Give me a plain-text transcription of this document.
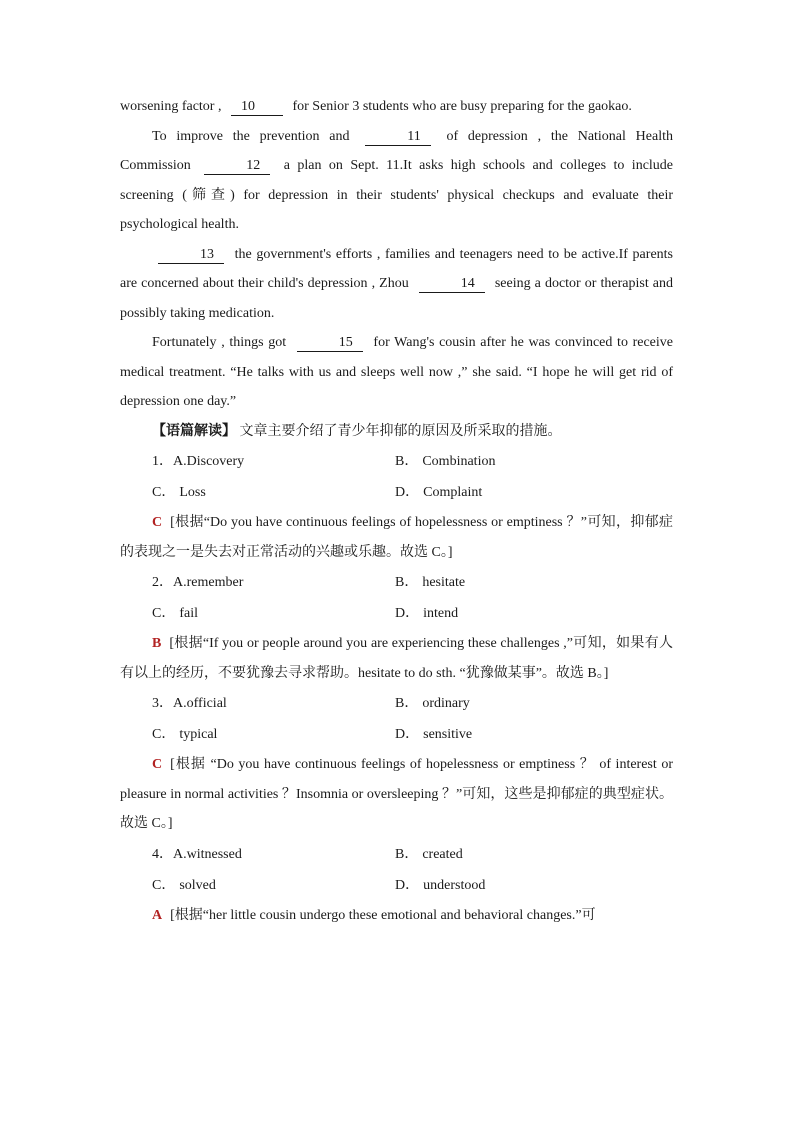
worsening factor , 10 for Senior 3 students who are busy preparing for the gaokao.

To improve the prevention and	11 of depression , the National Health Commission	12 a plan on Sept. 11.It asks high schools and colleges to include screening (筛查) for depression in their students' physical checkups and evaluate their psychological health.

13 the government's efforts , families and teenagers need to be active.If parents are concerned about their child's depression , Zhou	14 seeing a doctor or therapist and possibly taking medication.

Fortunately , things got	15 for Wang's cousin after he was convinced to receive medical treatment. “He talks with us and sleeps well now ,” she said. “I hope he will get rid of depression one day.”

【语篇解读】 文章主要介绍了青少年抑郁的原因及所采取的措施。

1．A.Discovery	B． Combination
C． Loss	D． Complaint

C [根据“Do you have continuous feelings of hopelessness or emptiness ？”可知，抑郁症的表现之一是失去对正常活动的兴趣或乐趣。故选 C。]

2．A.remember	B． hesitate
C． fail	D． intend

B [根据“If you or people around you are experiencing these challenges ,”可知，如果有人有以上的经历，不要犹豫去寻求帮助。hesitate to do sth. “犹豫做某事”。故选 B。]

3．A.official	B． ordinary
C． typical	D． sensitive

C [根据 “Do you have continuous feelings of hopelessness or emptiness ？ of interest or pleasure in normal activities ？Insomnia or oversleeping ？”可知，这些是抑郁症的典型症状。故选 C。]

4．A.witnessed	B． created
C． solved	D． understood

A [根据“her little cousin undergo these emotional and behavioral changes.”可
